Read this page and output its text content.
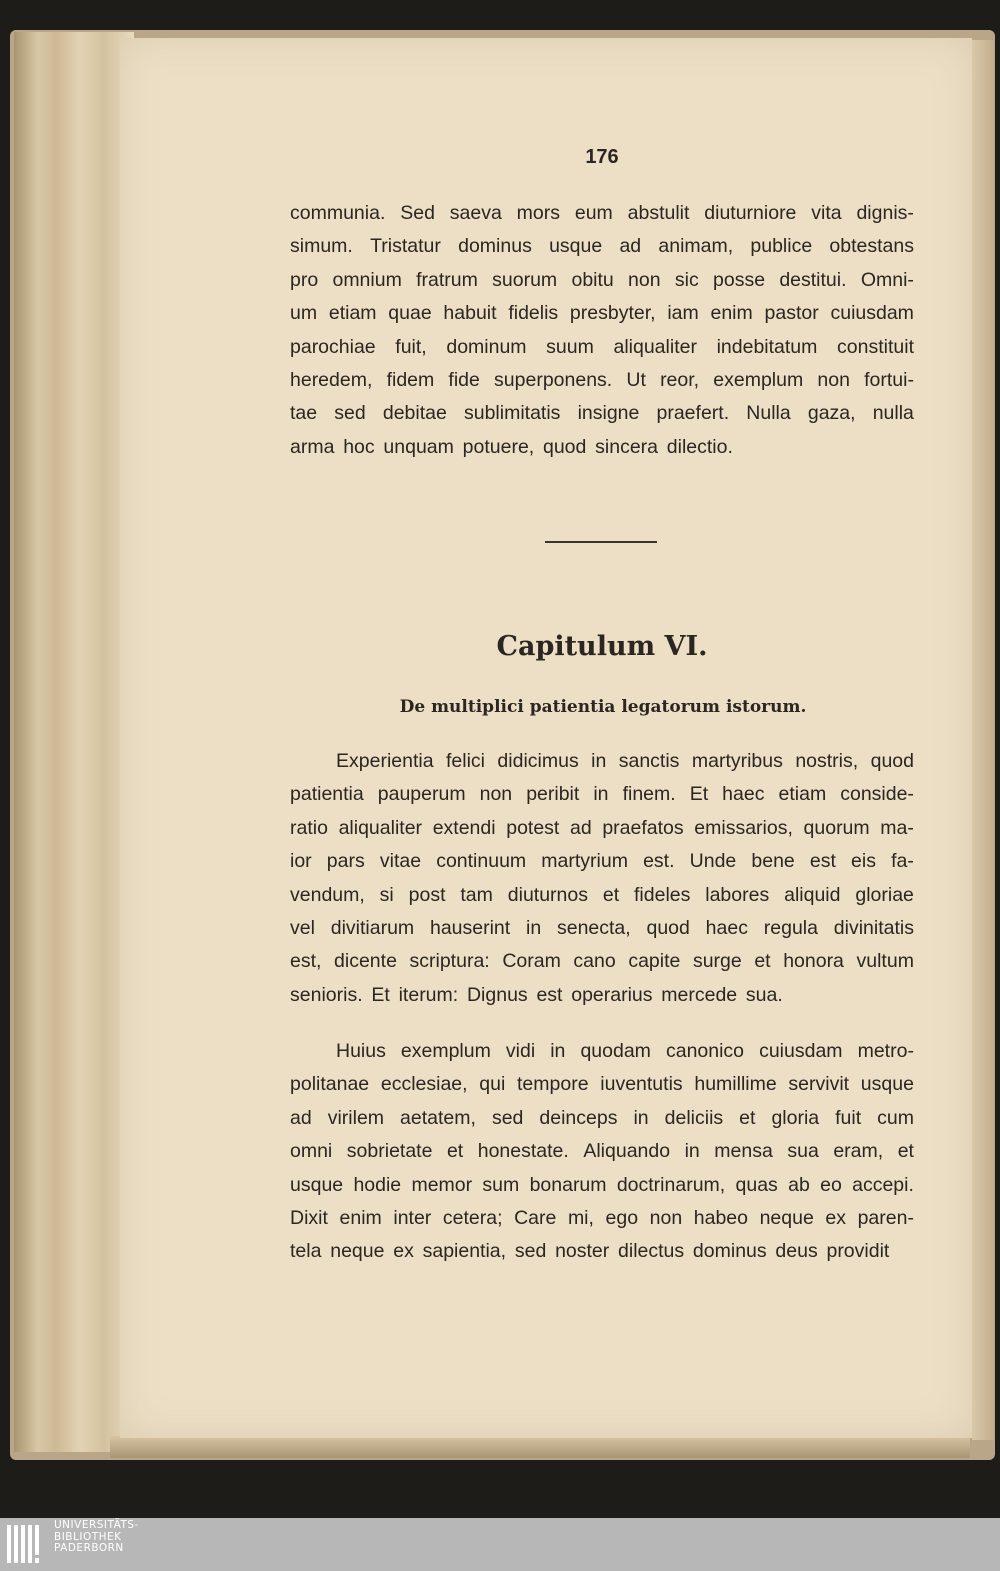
176
communia. Sed saeva mors eum abstulit diuturniore vita dignis-
simum. Tristatur dominus usque ad animam, publice obtestans
pro omnium fratrum suorum obitu non sic posse destitui. Omni-
um etiam quae habuit fidelis presbyter, iam enim pastor cuiusdam
parochiae fuit, dominum suum aliqualiter indebitatum constituit
heredem, fidem fide superponens. Ut reor, exemplum non fortui-
tae sed debitae sublimitatis insigne praefert. Nulla gaza, nulla
arma hoc unquam potuere, quod sincera dilectio.
Capitulum VI.
De multiplici patientia legatorum istorum.
Experientia felici didicimus in sanctis martyribus nostris, quod
patientia pauperum non peribit in finem. Et haec etiam conside-
ratio aliqualiter extendi potest ad praefatos emissarios, quorum ma-
ior pars vitae continuum martyrium est. Unde bene est eis fa-
vendum, si post tam diuturnos et fideles labores aliquid gloriae
vel divitiarum hauserint in senecta, quod haec regula divinitatis
est, dicente scriptura: Coram cano capite surge et honora vultum
senioris. Et iterum: Dignus est operarius mercede sua.
Huius exemplum vidi in quodam canonico cuiusdam metro-
politanae ecclesiae, qui tempore iuventutis humillime servivit usque
ad virilem aetatem, sed deinceps in deliciis et gloria fuit cum
omni sobrietate et honestate. Aliquando in mensa sua eram, et
usque hodie memor sum bonarum doctrinarum, quas ab eo accepi.
Dixit enim inter cetera; Care mi, ego non habeo neque ex paren-
tela neque ex sapientia, sed noster dilectus dominus deus providit
UNIVERSITÄTS-
BIBLIOTHEK
PADERBORN
